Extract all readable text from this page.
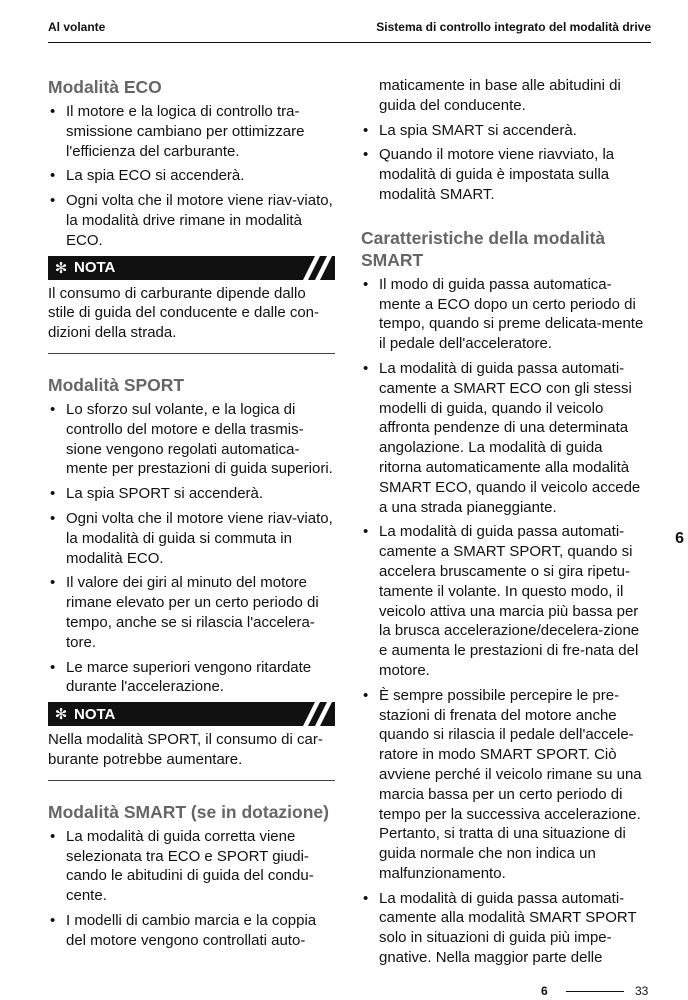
Al volante	Sistema di controllo integrato del modalità drive
Modalità ECO
• Il motore e la logica di controllo tra-smissione cambiano per ottimizzare l'efficienza del carburante.
• La spia ECO si accenderà.
• Ogni volta che il motore viene riav-viato, la modalità drive rimane in modalità ECO.
✻ NOTA

Il consumo di carburante dipende dallo stile di guida del conducente e dalle con-dizioni della strada.

Modalità SPORT
• Lo sforzo sul volante, e la logica di controllo del motore e della trasmis-sione vengono regolati automatica-mente per prestazioni di guida superiori.
• La spia SPORT si accenderà.
• Ogni volta che il motore viene riav-viato, la modalità di guida si commuta in modalità ECO.
• Il valore dei giri al minuto del motore rimane elevato per un certo periodo di tempo, anche se si rilascia l'accelera-tore.
• Le marce superiori vengono ritardate durante l'accelerazione.
✻ NOTA

Nella modalità SPORT, il consumo di car-burante potrebbe aumentare.

Modalità SMART (se in dotazione)
• La modalità di guida corretta viene selezionata tra ECO e SPORT giudi-cando le abitudini di guida del condu-cente.
• I modelli di cambio marcia e la coppia del motore vengono controllati auto-
maticamente in base alle abitudini di guida del conducente.
• La spia SMART si accenderà.
• Quando il motore viene riavviato, la modalità di guida è impostata sulla modalità SMART.
Caratteristiche della modalità SMART
• Il modo di guida passa automatica-mente a ECO dopo un certo periodo di tempo, quando si preme delicata-mente il pedale dell'acceleratore.
• La modalità di guida passa automati-camente a SMART ECO con gli stessi modelli di guida, quando il veicolo affronta pendenze di una determinata angolazione. La modalità di guida ritorna automaticamente alla modalità SMART ECO, quando il veicolo accede a una strada pianeggiante.
• La modalità di guida passa automati-camente a SMART SPORT, quando si accelera bruscamente o si gira ripetu-tamente il volante. In questo modo, il veicolo attiva una marcia più bassa per la brusca accelerazione/decelera-zione e aumenta le prestazioni di fre-nata del motore.
• È sempre possibile percepire le pre-stazioni di frenata del motore anche quando si rilascia il pedale dell'accele-ratore in modo SMART SPORT. Ciò avviene perché il veicolo rimane su una marcia bassa per un certo periodo di tempo per la successiva accelerazione. Pertanto, si tratta di una situazione di guida normale che non indica un malfunzionamento.
• La modalità di guida passa automati-camente alla modalità SMART SPORT solo in situazioni di guida più impe-gnative. Nella maggior parte delle
6
6	33
